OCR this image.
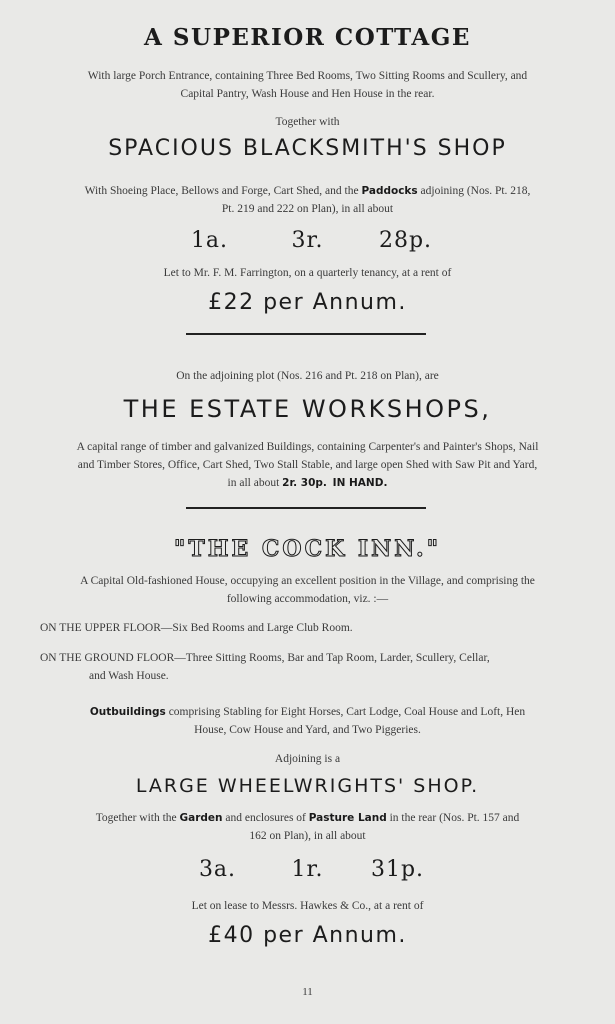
A SUPERIOR COTTAGE
With large Porch Entrance, containing Three Bed Rooms, Two Sitting Rooms and Scullery, and
Capital Pantry, Wash House and Hen House in the rear.
Together with
SPACIOUS BLACKSMITH'S SHOP
With Shoeing Place, Bellows and Forge, Cart Shed, and the Paddocks adjoining (Nos. Pt. 218,
Pt. 219 and 222 on Plan), in all about
1a.	3r.	28p.
Let to Mr. F. M. Farrington, on a quarterly tenancy, at a rent of
£22 per Annum.
On the adjoining plot (Nos. 216 and Pt. 218 on Plan), are
THE ESTATE WORKSHOPS,
A capital range of timber and galvanized Buildings, containing Carpenter's and Painter's Shops, Nail
and Timber Stores, Office, Cart Shed, Two Stall Stable, and large open Shed with Saw Pit and Yard,
in all about 2r. 30p. IN HAND.
"THE COCK INN."
A Capital Old-fashioned House, occupying an excellent position in the Village, and comprising the
following accommodation, viz. :—
ON THE UPPER FLOOR—Six Bed Rooms and Large Club Room.
ON THE GROUND FLOOR—Three Sitting Rooms, Bar and Tap Room, Larder, Scullery, Cellar,
and Wash House.
Outbuildings comprising Stabling for Eight Horses, Cart Lodge, Coal House and Loft, Hen
House, Cow House and Yard, and Two Piggeries.
Adjoining is a
LARGE WHEELWRIGHTS' SHOP.
Together with the Garden and enclosures of Pasture Land in the rear (Nos. Pt. 157 and
162 on Plan), in all about
3a.	1r. 31p.
Let on lease to Messrs. Hawkes & Co., at a rent of
£40 per Annum.
11
